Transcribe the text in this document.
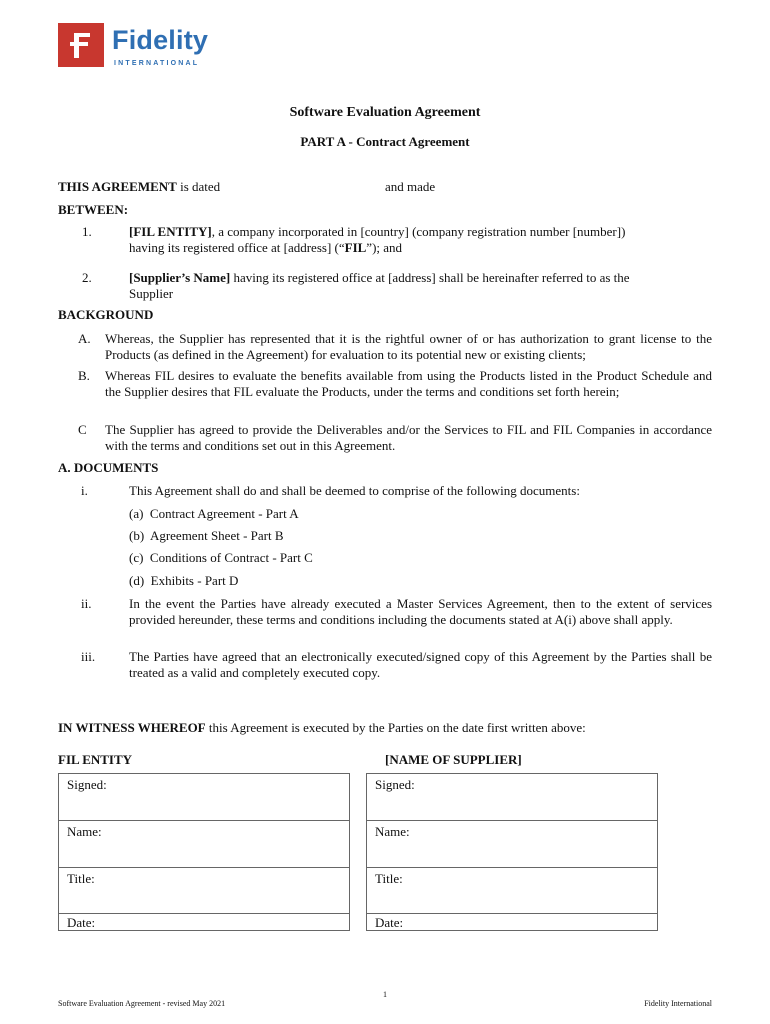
Fidelity
INTERNATIONAL
Software Evaluation Agreement
PART A - Contract Agreement
THIS AGREEMENT is dated	and made
BETWEEN:
1.	[FIL ENTITY], a company incorporated in [country] (company registration number [number])
having its registered office at [address] (“FIL”); and
2.	[Supplier’s Name] having its registered office at [address] shall be hereinafter referred to as the
Supplier
BACKGROUND
A. Whereas, the Supplier has represented that it is the rightful owner of or has authorization to grant license to the Products (as defined in the Agreement) for evaluation to its potential new or existing clients;
B. Whereas FIL desires to evaluate the benefits available from using the Products listed in the Product Schedule and the Supplier desires that FIL evaluate the Products, under the terms and conditions set forth herein;
C The Supplier has agreed to provide the Deliverables and/or the Services to FIL and FIL Companies in accordance with the terms and conditions set out in this Agreement.
A. DOCUMENTS
i.	This Agreement shall do and shall be deemed to comprise of the following documents:
(a)  Contract Agreement - Part A
(b)  Agreement Sheet - Part B
(c)  Conditions of Contract - Part C
(d)  Exhibits - Part D
ii.	In the event the Parties have already executed a Master Services Agreement, then to the extent of services provided hereunder, these terms and conditions including the documents stated at A(i) above shall apply.
iii.	The Parties have agreed that an electronically executed/signed copy of this Agreement by the Parties shall be treated as a valid and completely executed copy.
IN WITNESS WHEREOF this Agreement is executed by the Parties on the date first written above:
FIL ENTITY	[NAME OF SUPPLIER]
Signed:
Name:
Title:
Date:
Signed:
Name:
Title:
Date:
1
Software Evaluation Agreement - revised May 2021	Fidelity International
